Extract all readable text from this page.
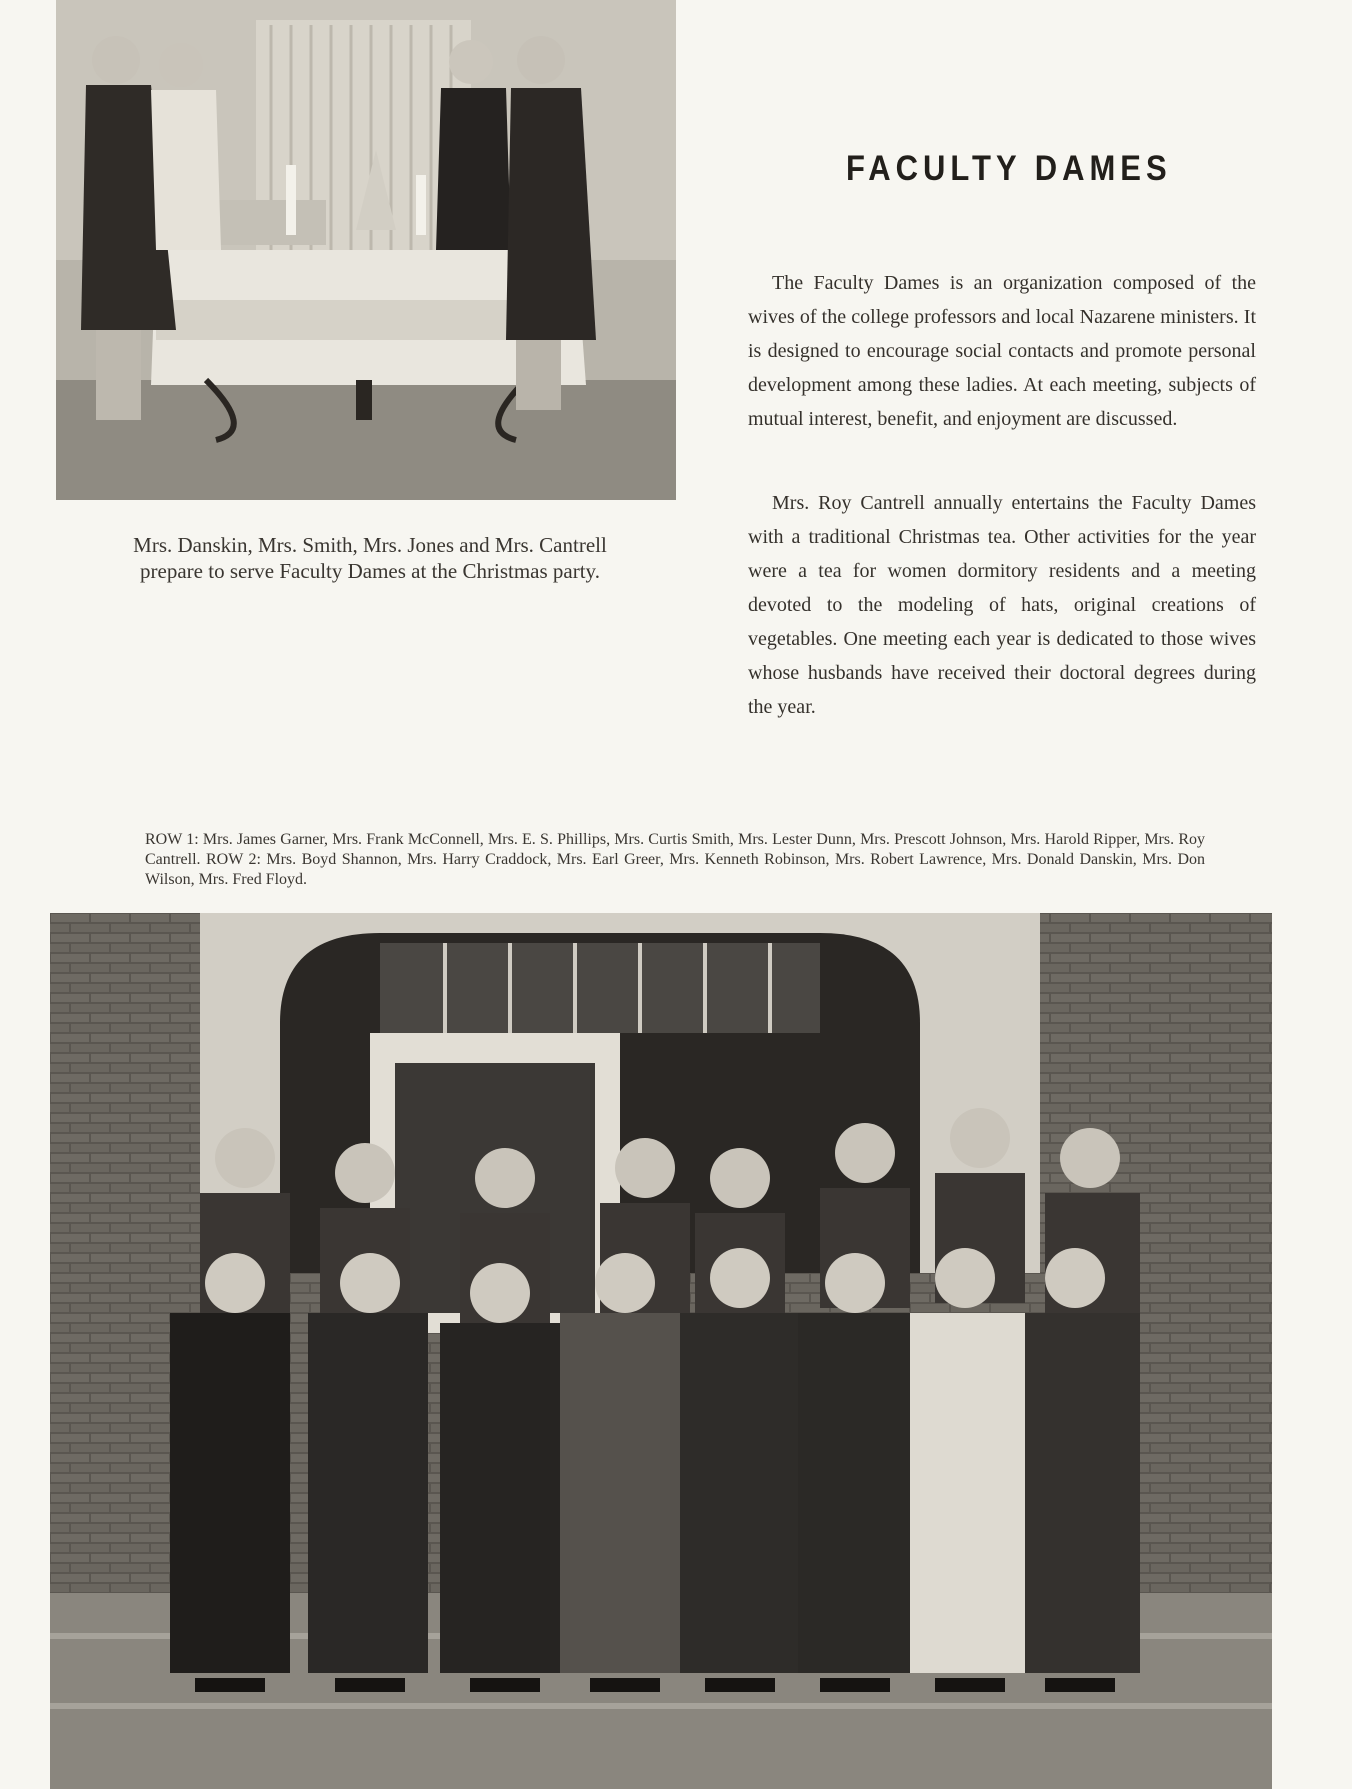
Mrs. Danskin, Mrs. Smith, Mrs. Jones and Mrs. Cantrell prepare to serve Faculty Dames at the Christmas party.

FACULTY DAMES

The Faculty Dames is an organization composed of the wives of the college professors and local Nazarene ministers. It is designed to encourage social contacts and promote personal development among these ladies. At each meeting, subjects of mutual interest, benefit, and enjoyment are discussed.

Mrs. Roy Cantrell annually entertains the Faculty Dames with a traditional Christmas tea. Other activities for the year were a tea for women dormitory residents and a meeting devoted to the modeling of hats, original creations of vegetables. One meeting each year is dedicated to those wives whose husbands have received their doctoral degrees during the year.

ROW 1: Mrs. James Garner, Mrs. Frank McConnell, Mrs. E. S. Phillips, Mrs. Curtis Smith, Mrs. Lester Dunn, Mrs. Prescott Johnson, Mrs. Harold Ripper, Mrs. Roy Cantrell. ROW 2: Mrs. Boyd Shannon, Mrs. Harry Craddock, Mrs. Earl Greer, Mrs. Kenneth Robinson, Mrs. Robert Lawrence, Mrs. Donald Danskin, Mrs. Don Wilson, Mrs. Fred Floyd.
